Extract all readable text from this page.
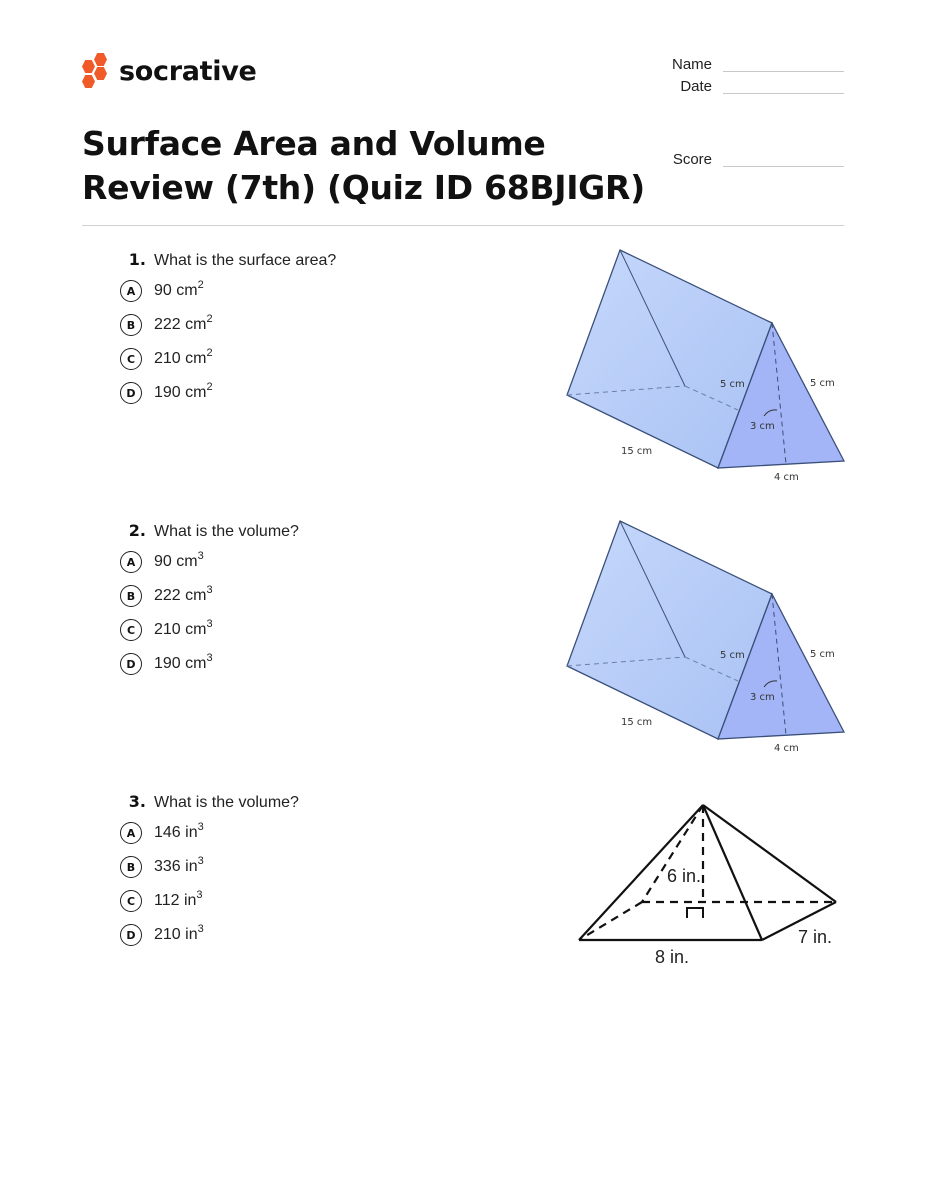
socrative	Name
Date
Score
Surface Area and Volume Review (7th) (Quiz ID 68BJIGR)
1. What is the surface area?
A	90 $cm^2$
B	222 $cm^2$
C	210 $cm^2$
D	190 $cm^2$	5 cm	5 cm
3 cm
15 cm
4 cm
2. What is the volume?
A	90 $cm^3$
B	222 $cm^3$
C	210 $cm^3$
D	190 $cm^3$	5 cm	5 cm
3 cm
15 cm
4 cm
3. What is the volume?
A	146 $in^3$
B	336 $in^3$
C	112 $in^3$
D	210 $in^3$
6 in.
8 in.
7 in.
